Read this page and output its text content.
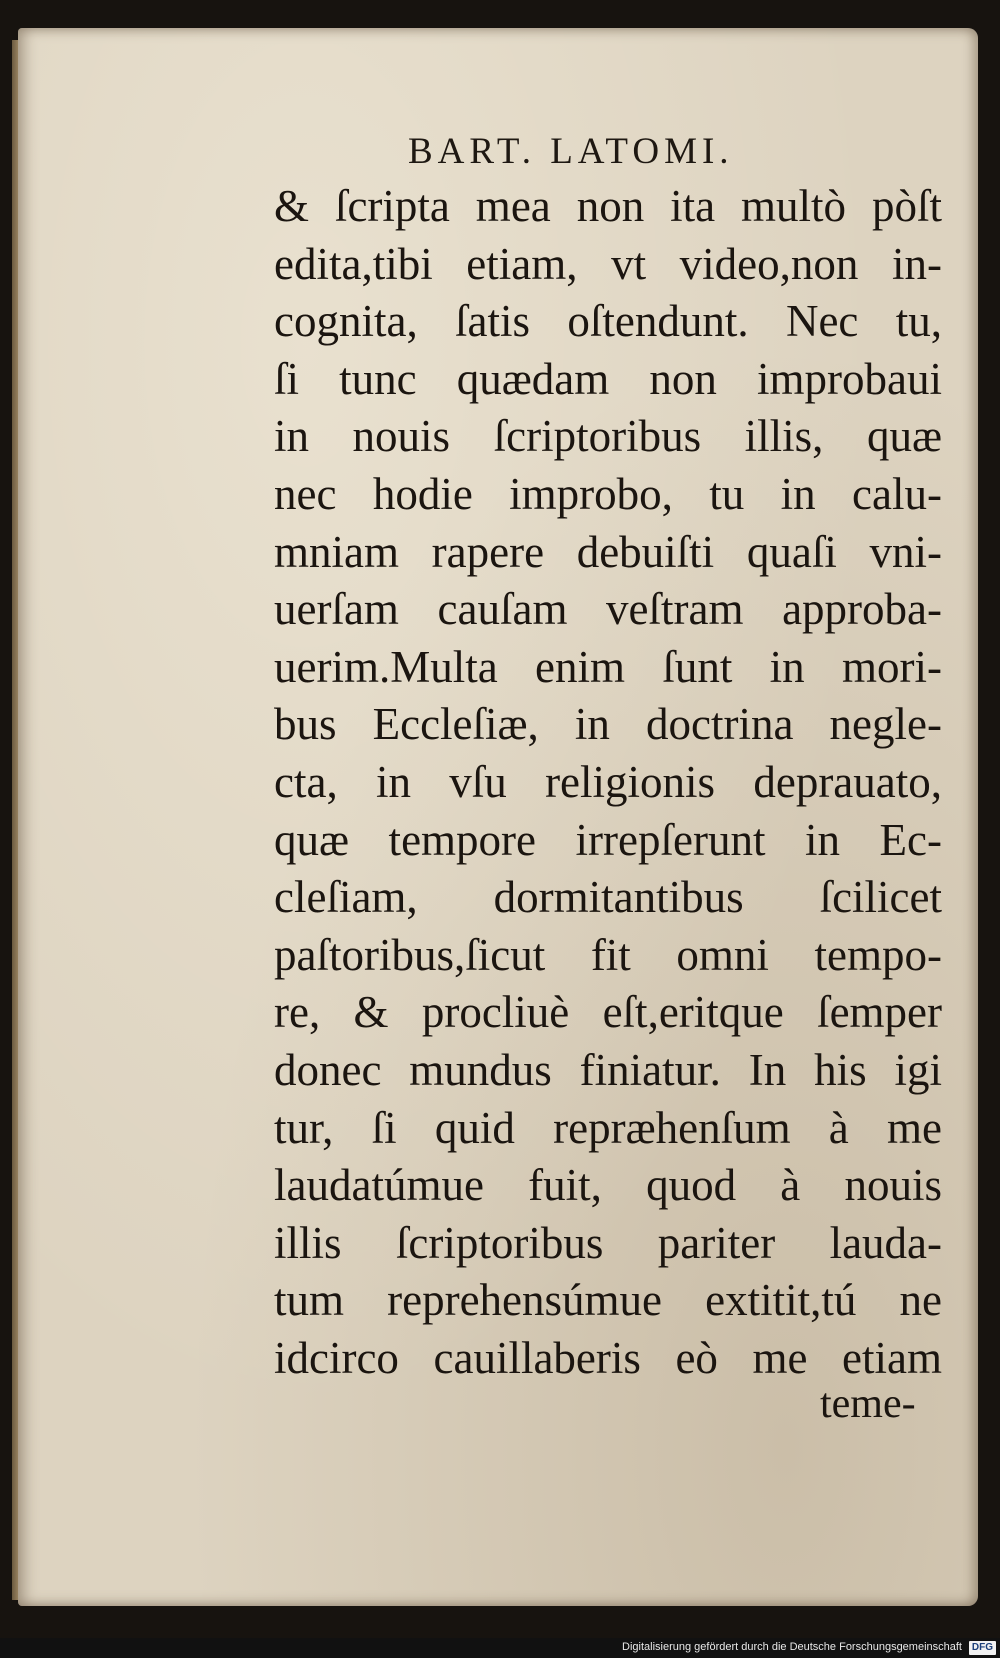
BART. LATOMI.
& ſcripta mea non ita multò pòſt
edita,tibi etiam, vt video,non in-
cognita, ſatis oſtendunt. Nec tu,
ſi tunc quædam non improbaui
in nouis ſcriptoribus illis, quæ
nec hodie improbo, tu in calu-
mniam rapere debuiſti quaſi vni-
uerſam cauſam veſtram approba-
uerim.Multa enim ſunt in mori-
bus Eccleſiæ, in doctrina negle-
cta, in vſu religionis deprauato,
quæ tempore irrepſerunt in Ec-
cleſiam, dormitantibus ſcilicet
paſtoribus,ſicut fit omni tempo-
re, & procliuè eſt,eritque ſemper
donec mundus finiatur. In his igi
tur, ſi quid repræhenſum à me
laudatúmue fuit, quod à nouis
illis ſcriptoribus pariter lauda-
tum reprehensúmue extitit,tú ne
idcirco cauillaberis eò me etiam
teme-
Digitalisierung gefördert durch die Deutsche Forschungsgemeinschaft DFG
